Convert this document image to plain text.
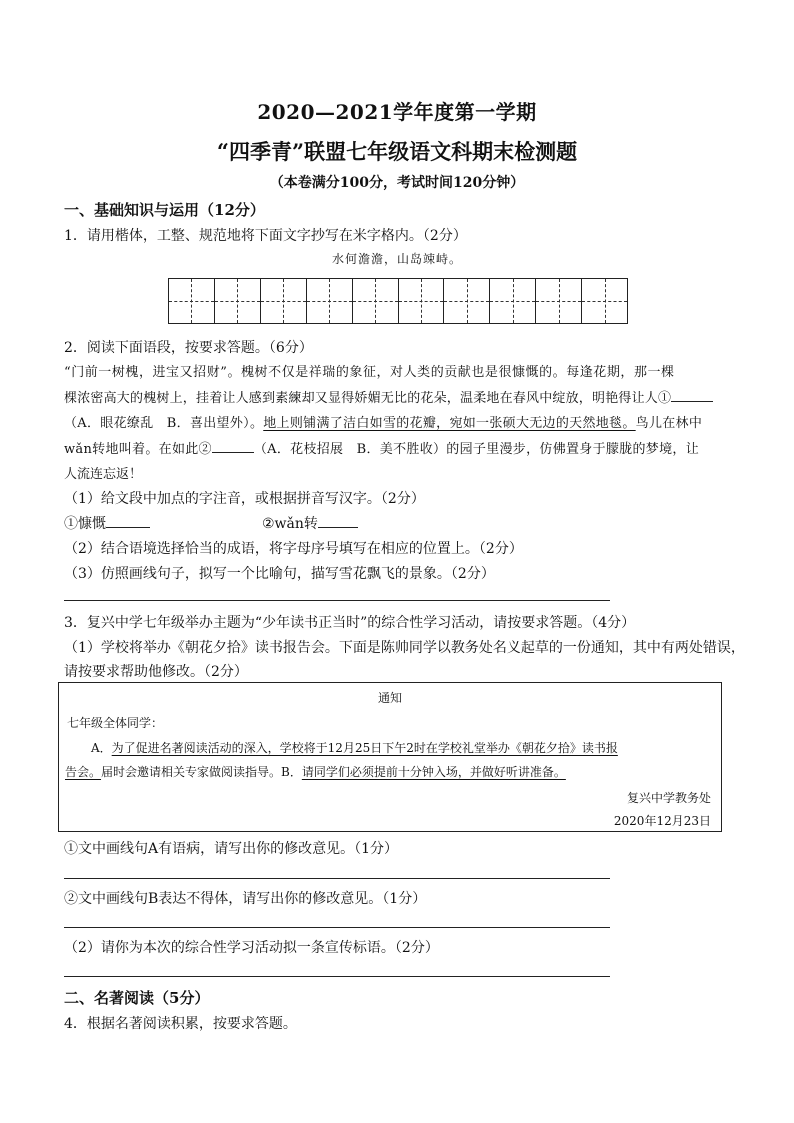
2020—2021学年度第一学期
“四季青”联盟七年级语文科期末检测题
（本卷满分100分，考试时间120分钟）
一、基础知识与运用（12分）
1．请用楷体，工整、规范地将下面文字抄写在米字格内。（2分）
水何澹澹，山岛竦峙。
2．阅读下面语段，按要求答题。（6分）
“门前一树槐，进宝又招财”。槐树不仅是祥瑞的象征，对人类的贡献也是很慷慨的。每逢花期，那一棵
棵浓密高大的槐树上，挂着让人感到素練却又显得娇媚无比的花朵，温柔地在春风中绽放，明艳得让人①
（A．眼花缭乱　B．喜出望外）。地上则铺满了洁白如雪的花瓣，宛如一张硕大无边的天然地毯。鸟儿在林中
wǎn转地叫着。在如此②	（A．花枝招展　B．美不胜收）的园子里漫步，仿佛置身于朦胧的梦境，让
人流连忘返！
（1）给文段中加点的字注音，或根据拼音写汉字。（2分）
①慷慨	②wǎn转
（2）结合语境选择恰当的成语，将字母序号填写在相应的位置上。（2分）
（3）仿照画线句子，拟写一个比喻句，描写雪花飘飞的景象。（2分）
3．复兴中学七年级举办主题为“少年读书正当时”的综合性学习活动，请按要求答题。（4分）
（1）学校将举办《朝花夕拾》读书报告会。下面是陈帅同学以教务处名义起草的一份通知，其中有两处错误，
请按要求帮助他修改。（2分）
通知
七年级全体同学：
A．为了促进名著阅读活动的深入，学校将于12月25日下午2时在学校礼堂举办《朝花夕拾》读书报
告会。届时会邀请相关专家做阅读指导。B．请同学们必须提前十分钟入场，并做好听讲准备。
复兴中学教务处
2020年12月23日
①文中画线句A有语病，请写出你的修改意见。（1分）
②文中画线句B表达不得体，请写出你的修改意见。（1分）
（2）请你为本次的综合性学习活动拟一条宣传标语。（2分）
二、名著阅读（5分）
4．根据名著阅读积累，按要求答题。
